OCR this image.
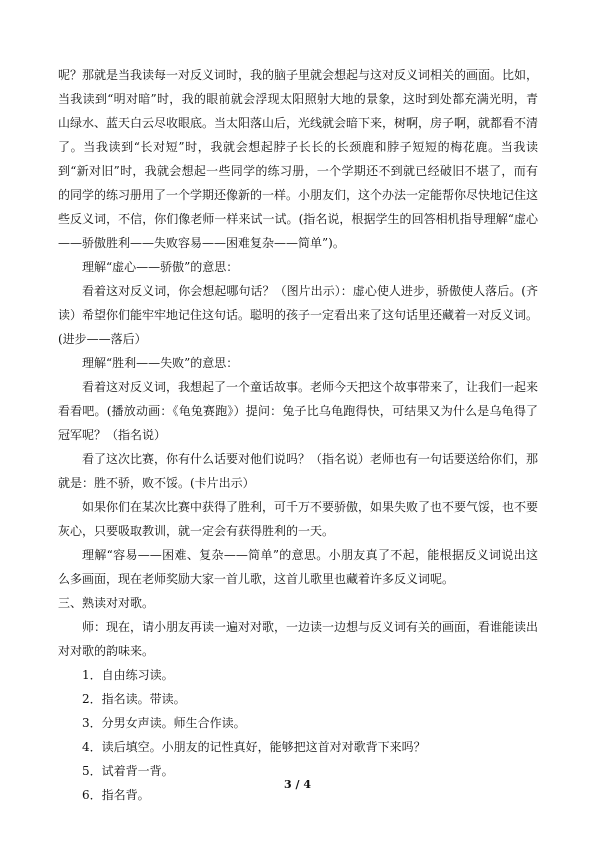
呢？那就是当我读每一对反义词时，我的脑子里就会想起与这对反义词相关的画面。比如，当我读到“明对暗”时，我的眼前就会浮现太阳照射大地的景象，这时到处都充满光明，青山绿水、蓝天白云尽收眼底。当太阳落山后，光线就会暗下来，树啊，房子啊，就都看不清了。当我读到“长对短”时，我就会想起脖子长长的长颈鹿和脖子短短的梅花鹿。当我读到“新对旧”时，我就会想起一些同学的练习册，一个学期还不到就已经破旧不堪了，而有的同学的练习册用了一个学期还像新的一样。小朋友们，这个办法一定能帮你尽快地记住这些反义词，不信，你们像老师一样来试一试。(指名说，根据学生的回答相机指导理解“虚心——骄傲胜利——失败容易——困难复杂——简单”)。

理解“虚心——骄傲”的意思：

看着这对反义词，你会想起哪句话？（图片出示）：虚心使人进步，骄傲使人落后。(齐读）希望你们能牢牢地记住这句话。聪明的孩子一定看出来了这句话里还藏着一对反义词。(进步——落后）

理解“胜利——失败”的意思：

看着这对反义词，我想起了一个童话故事。老师今天把这个故事带来了，让我们一起来看看吧。(播放动画：《龟兔赛跑》）提问：兔子比乌龟跑得快，可结果又为什么是乌龟得了冠军呢？（指名说）

看了这次比赛，你有什么话要对他们说吗？（指名说）老师也有一句话要送给你们，那就是：胜不骄，败不馁。(卡片出示）

如果你们在某次比赛中获得了胜利，可千万不要骄傲，如果失败了也不要气馁，也不要灰心，只要吸取教训，就一定会有获得胜利的一天。

理解“容易——困难、复杂——简单”的意思。小朋友真了不起，能根据反义词说出这么多画面，现在老师奖励大家一首儿歌，这首儿歌里也藏着许多反义词呢。

三、熟读对对歌。

师：现在，请小朋友再读一遍对对歌，一边读一边想与反义词有关的画面，看谁能读出对对歌的韵味来。

1．自由练习读。

2．指名读。带读。

3．分男女声读。师生合作读。

4．读后填空。小朋友的记性真好，能够把这首对对歌背下来吗？

5．试着背一背。

6．指名背。

3 / 4
